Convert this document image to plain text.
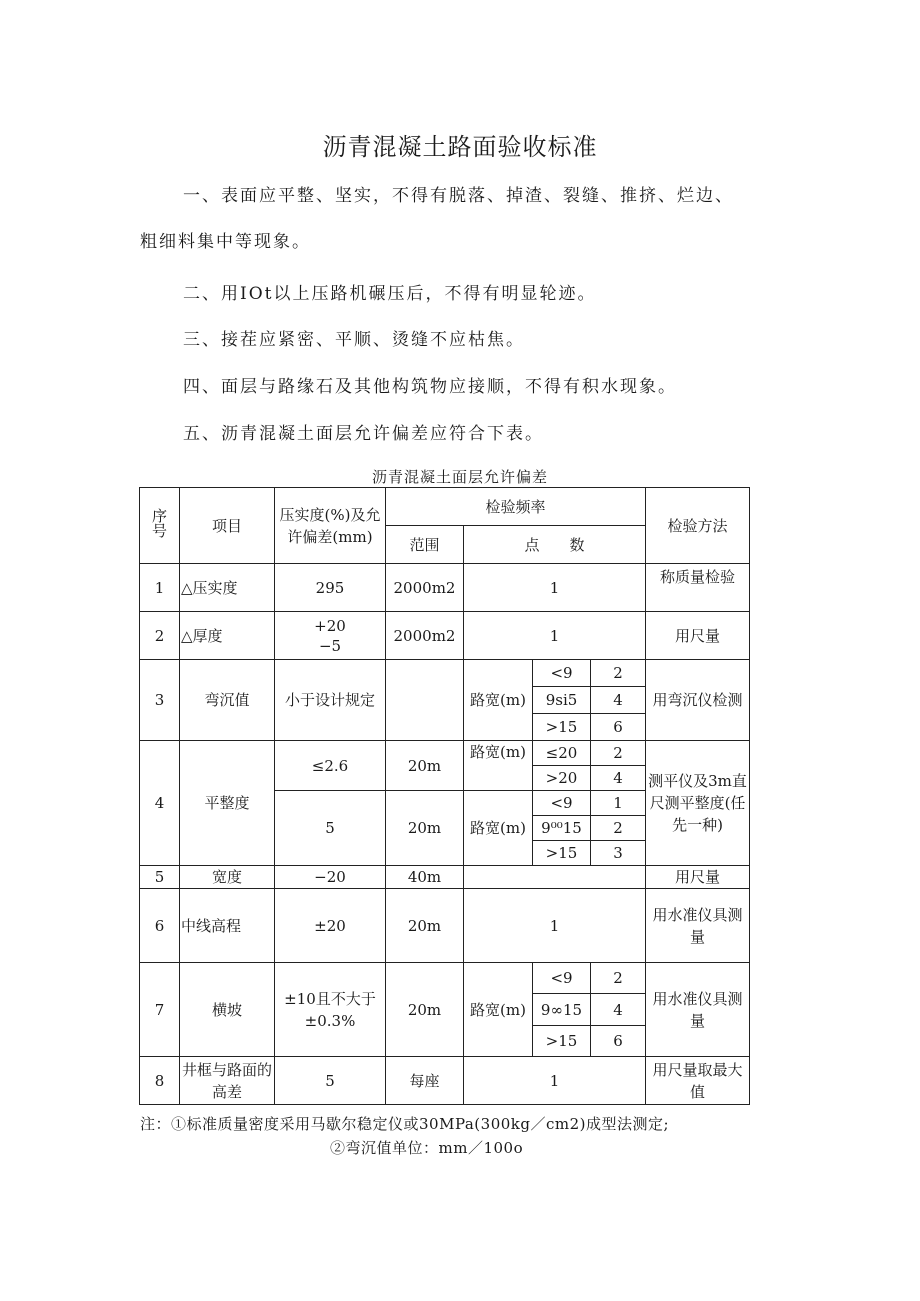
沥青混凝土路面验收标准
一、表面应平整、坚实，不得有脱落、掉渣、裂缝、推挤、烂边、
粗细料集中等现象。
二、用IOt以上压路机碾压后，不得有明显轮迹。
三、接茬应紧密、平顺、烫缝不应枯焦。
四、面层与路缘石及其他构筑物应接顺，不得有积水现象。
五、沥青混凝土面层允许偏差应符合下表。
沥青混凝土面层允许偏差
序号	项目	压实度(%)及允许偏差(mm)	检验频率				检验方法
			范围	点　　数			
1	△压实度	295	2000m2	1			称质量检验
2	△厚度	+20
−5	2000m2	1			用尺量
3	弯沉值	小于设计规定		路宽(m)	<9	2	用弯沉仪检测
					9si5	4	
					>15	6	
4	平整度	≤2.6	20m	路宽(m)	≤20	2	测平仪及3m直尺测平整度(任先一种)
					>20	4	
		5	20m	路宽(m)	<9	1	
					9⁰⁰15	2	
					>15	3	
5	宽度	−20	40m				用尺量
6	中线高程	±20	20m	1			用水准仪具测量
7	横坡	±10且不大于±0.3%	20m	路宽(m)	<9	2	用水准仪具测量
					9∞15	4	
					>15	6	
8	井框与路面的高差	5	每座	1			用尺量取最大值
注：①标准质量密度采用马歇尔稳定仪或30MPa(300kg／cm2)成型法测定;
②弯沉值单位：mm／100o
